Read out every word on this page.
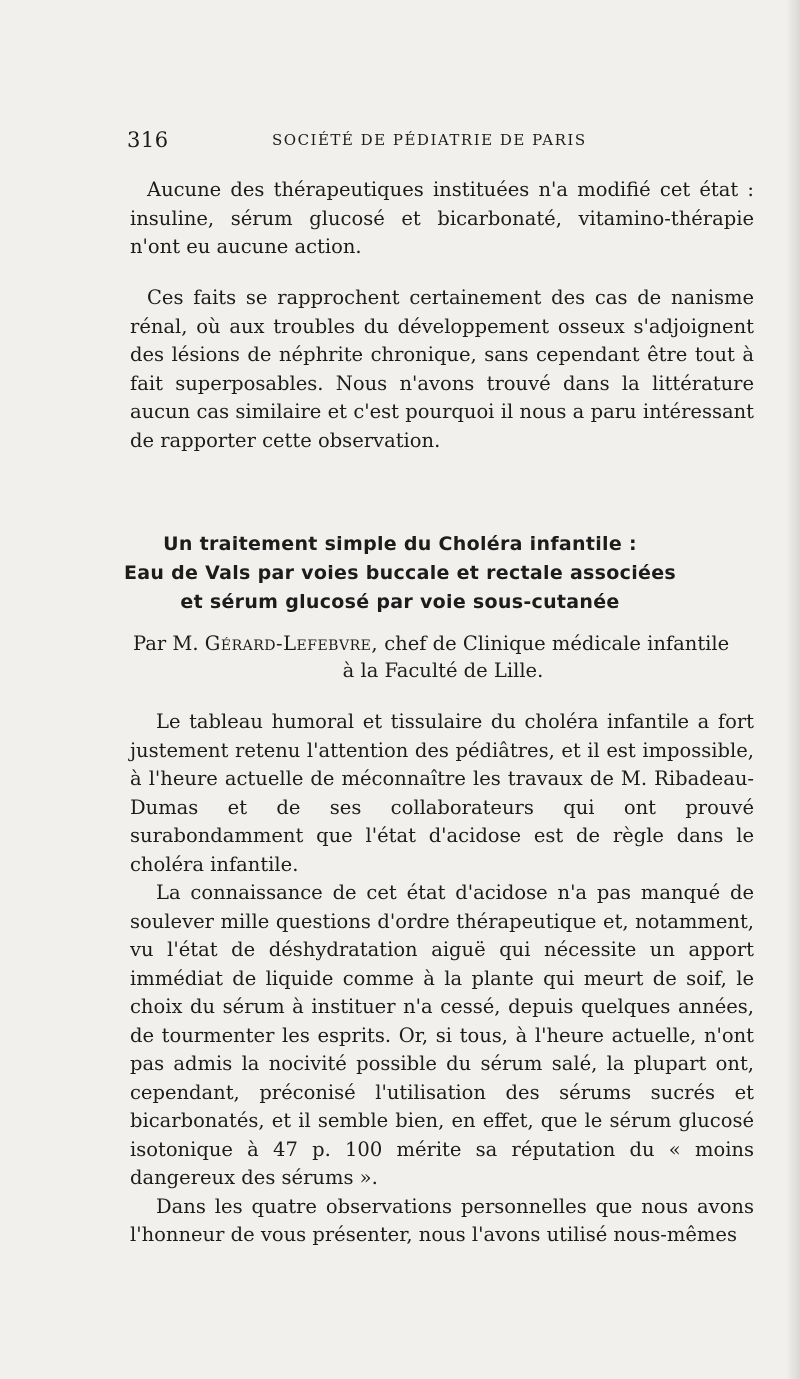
316	SOCIÉTÉ DE PÉDIATRIE DE PARIS

Aucune des thérapeutiques instituées n'a modifié cet état : insuline, sérum glucosé et bicarbonaté, vitamino-thérapie n'ont eu aucune action.

Ces faits se rapprochent certainement des cas de nanisme rénal, où aux troubles du développement osseux s'adjoignent des lésions de néphrite chronique, sans cependant être tout à fait superposables. Nous n'avons trouvé dans la littérature aucun cas similaire et c'est pourquoi il nous a paru intéressant de rapporter cette observation.

Un traitement simple du Choléra infantile :
Eau de Vals par voies buccale et rectale associées
et sérum glucosé par voie sous-cutanée
Par M. Gérard-Lefebvre, chef de Clinique médicale infantile
à la Faculté de Lille.

Le tableau humoral et tissulaire du choléra infantile a fort justement retenu l'attention des pédiâtres, et il est impossible, à l'heure actuelle de méconnaître les travaux de M. Ribadeau-Dumas et de ses collaborateurs qui ont prouvé surabondamment que l'état d'acidose est de règle dans le choléra infantile.

La connaissance de cet état d'acidose n'a pas manqué de soulever mille questions d'ordre thérapeutique et, notamment, vu l'état de déshydratation aiguë qui nécessite un apport immédiat de liquide comme à la plante qui meurt de soif, le choix du sérum à instituer n'a cessé, depuis quelques années, de tourmenter les esprits. Or, si tous, à l'heure actuelle, n'ont pas admis la nocivité possible du sérum salé, la plupart ont, cependant, préconisé l'utilisation des sérums sucrés et bicarbonatés, et il semble bien, en effet, que le sérum glucosé isotonique à 47 p. 100 mérite sa réputation du « moins dangereux des sérums ».

Dans les quatre observations personnelles que nous avons l'honneur de vous présenter, nous l'avons utilisé nous-mêmes
